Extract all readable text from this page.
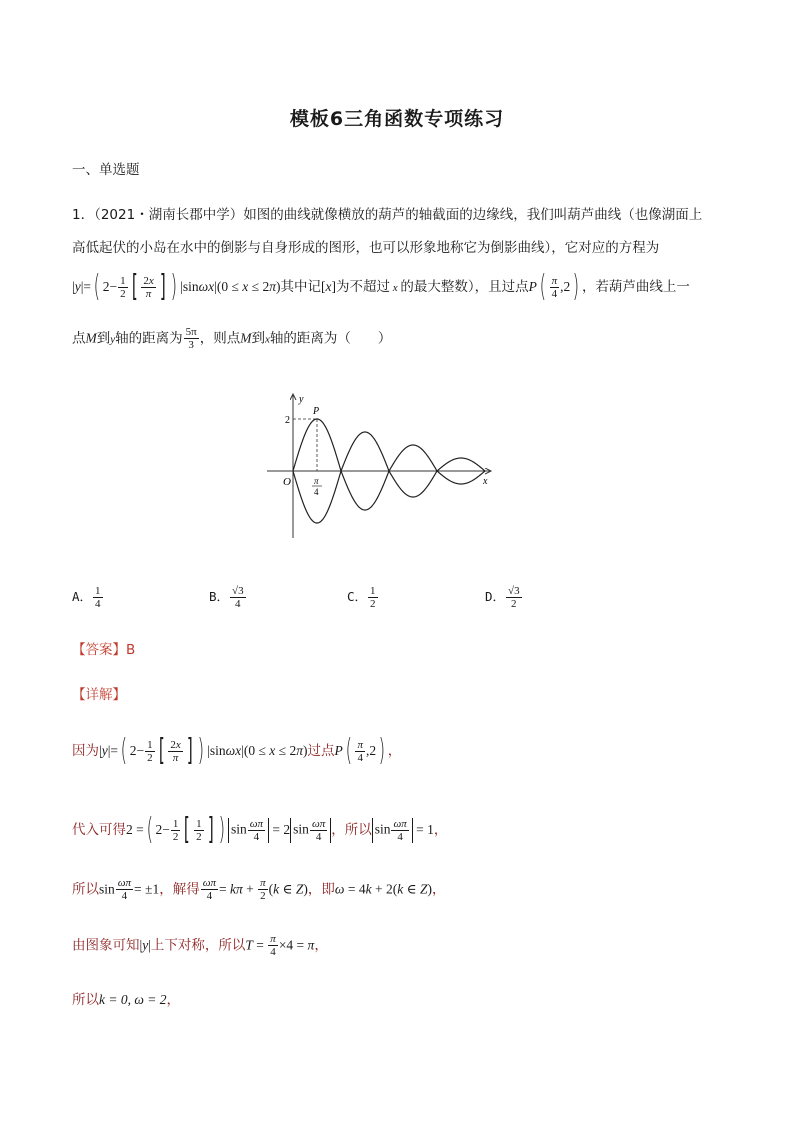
模板6三角函数专项练习
一、单选题
1．（2021・湖南长郡中学）如图的曲线就像横放的葫芦的轴截面的边缘线，我们叫葫芦曲线（也像湖面上
高低起伏的小岛在水中的倒影与自身形成的图形，也可以形象地称它为倒影曲线），它对应的方程为
|y|=( $2- \frac{1}{2}$ [ $\frac{2x}{\pi}$ ] ) |sinωx|(0 ≤ x ≤ 2π)其中记[x]为不超过 x 的最大整数），且过点$P( \frac{\pi}{4} ,2)$ ，若葫芦曲线上一
点M到y轴的距离为 $\frac{5\pi}{3}$ ，则点M到x轴的距离为（　　）
2
P
O
y
x
π
4
A． $\frac{1}{4}$	B． $\frac{√3}{4}$	C． $\frac{1}{2}$	D． $\frac{√3}{2}$
【答案】B
【详解】
因为|y|=( $2- \frac{1}{2}$ [ $\frac{2x}{\pi}$ ] ) |sinωx|(0 ≤ x ≤ 2π)过点$P( \frac{\pi}{4} ,2)$ ，
代入可得2 =( $2- \frac{1}{2}$ [ $\frac{1}{2}$ ] ) $\sin \frac{\omega\pi}{4} = 2$ $\sin \frac{\omega\pi}{4}$ ，所以 $\sin \frac{\omega\pi}{4} = 1$，
所以$\sin \frac{\omega\pi}{4} = \pm 1$，解得 $\frac{\omega\pi}{4} = k\pi + \frac{\pi}{2} (k$ ∈ Z)，即ω = 4k + 2(k ∈ Z)，
由图象可知|y|上下对称，所以$T = \frac{\pi}{4} \times 4 = \pi$，
所以k = 0, ω = 2，
